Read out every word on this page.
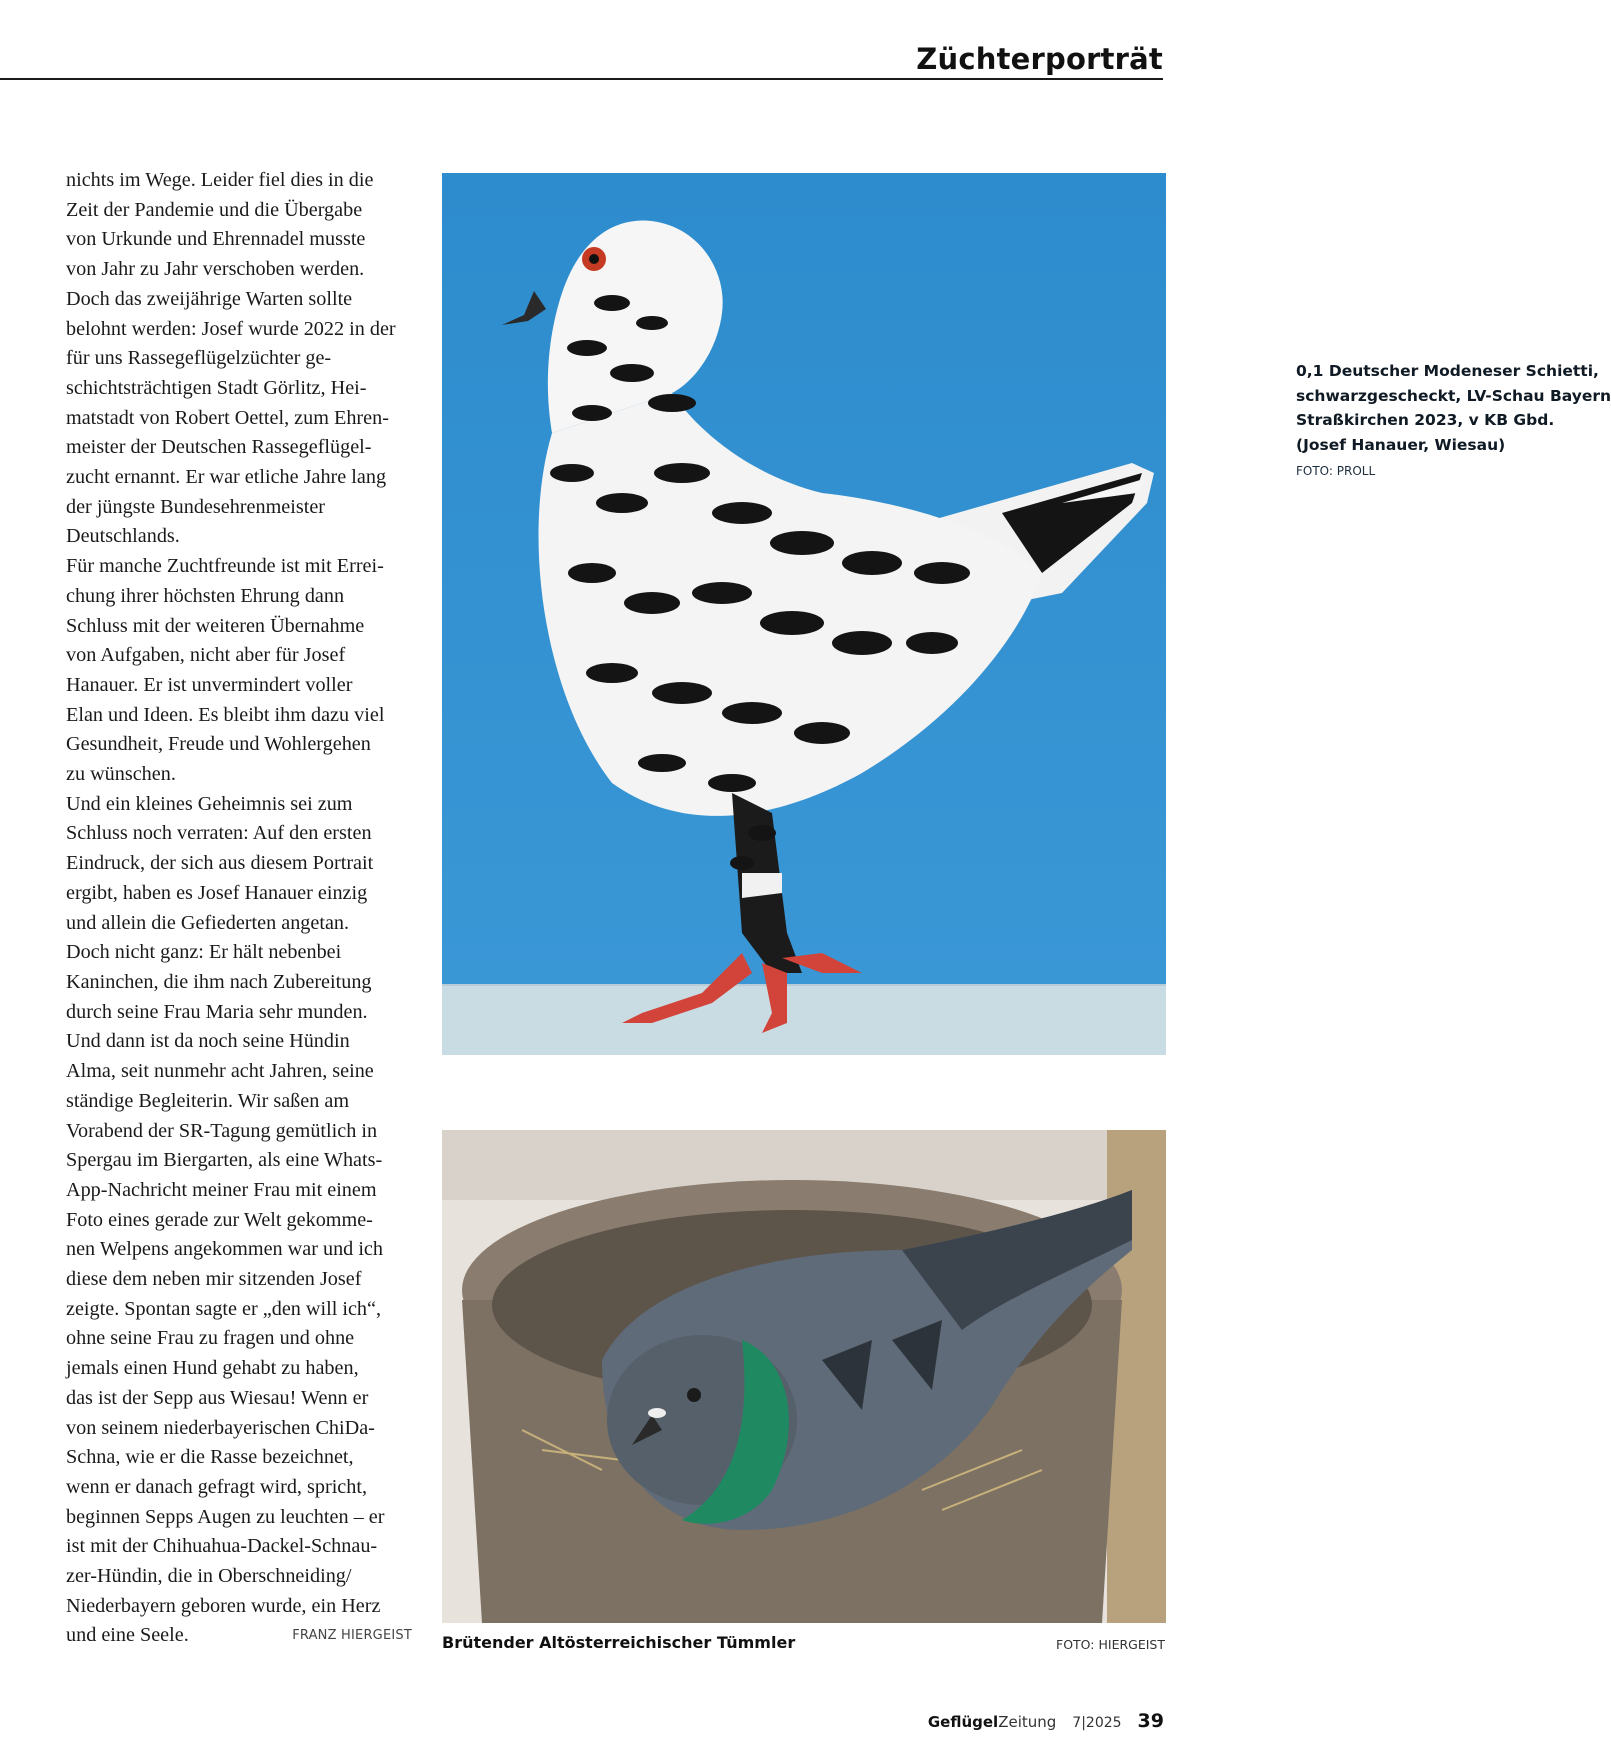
Züchterporträt
nichts im Wege. Leider fiel dies in die
Zeit der Pandemie und die Übergabe
von Urkunde und Ehrennadel musste
von Jahr zu Jahr verschoben werden.
Doch das zweijährige Warten sollte
belohnt werden: Josef wurde 2022 in der
für uns Rassegeflügelzüchter ge-
schichtsträchtigen Stadt Görlitz, Hei-
matstadt von Robert Oettel, zum Ehren-
meister der Deutschen Rassegeflügel-
zucht ernannt. Er war etliche Jahre lang
der jüngste Bundesehrenmeister
Deutschlands.
Für manche Zuchtfreunde ist mit Errei-
chung ihrer höchsten Ehrung dann
Schluss mit der weiteren Übernahme
von Aufgaben, nicht aber für Josef
Hanauer. Er ist unvermindert voller
Elan und Ideen. Es bleibt ihm dazu viel
Gesundheit, Freude und Wohlergehen
zu wünschen.
Und ein kleines Geheimnis sei zum
Schluss noch verraten: Auf den ersten
Eindruck, der sich aus diesem Portrait
ergibt, haben es Josef Hanauer einzig
und allein die Gefiederten angetan.
Doch nicht ganz: Er hält nebenbei
Kaninchen, die ihm nach Zubereitung
durch seine Frau Maria sehr munden.
Und dann ist da noch seine Hündin
Alma, seit nunmehr acht Jahren, seine
ständige Begleiterin. Wir saßen am
Vorabend der SR-Tagung gemütlich in
Spergau im Biergarten, als eine Whats-
App-Nachricht meiner Frau mit einem
Foto eines gerade zur Welt gekomme-
nen Welpens angekommen war und ich
diese dem neben mir sitzenden Josef
zeigte. Spontan sagte er „den will ich“,
ohne seine Frau zu fragen und ohne
jemals einen Hund gehabt zu haben,
das ist der Sepp aus Wiesau! Wenn er
von seinem niederbayerischen ChiDa-
Schna, wie er die Rasse bezeichnet,
wenn er danach gefragt wird, spricht,
beginnen Sepps Augen zu leuchten – er
ist mit der Chihuahua-Dackel-Schnau-
zer-Hündin, die in Oberschneiding/
Niederbayern geboren wurde, ein Herz
und eine Seele.	FRANZ HIERGEIST
0,1 Deutscher Modeneser Schietti,
schwarzgescheckt, LV-Schau Bayern
Straßkirchen 2023, v KB Gbd.
(Josef Hanauer, Wiesau)
FOTO: PROLL
Brütender Altösterreichischer Tümmler	FOTO: HIERGEIST
GeflügelZeitung 7|2025 39
